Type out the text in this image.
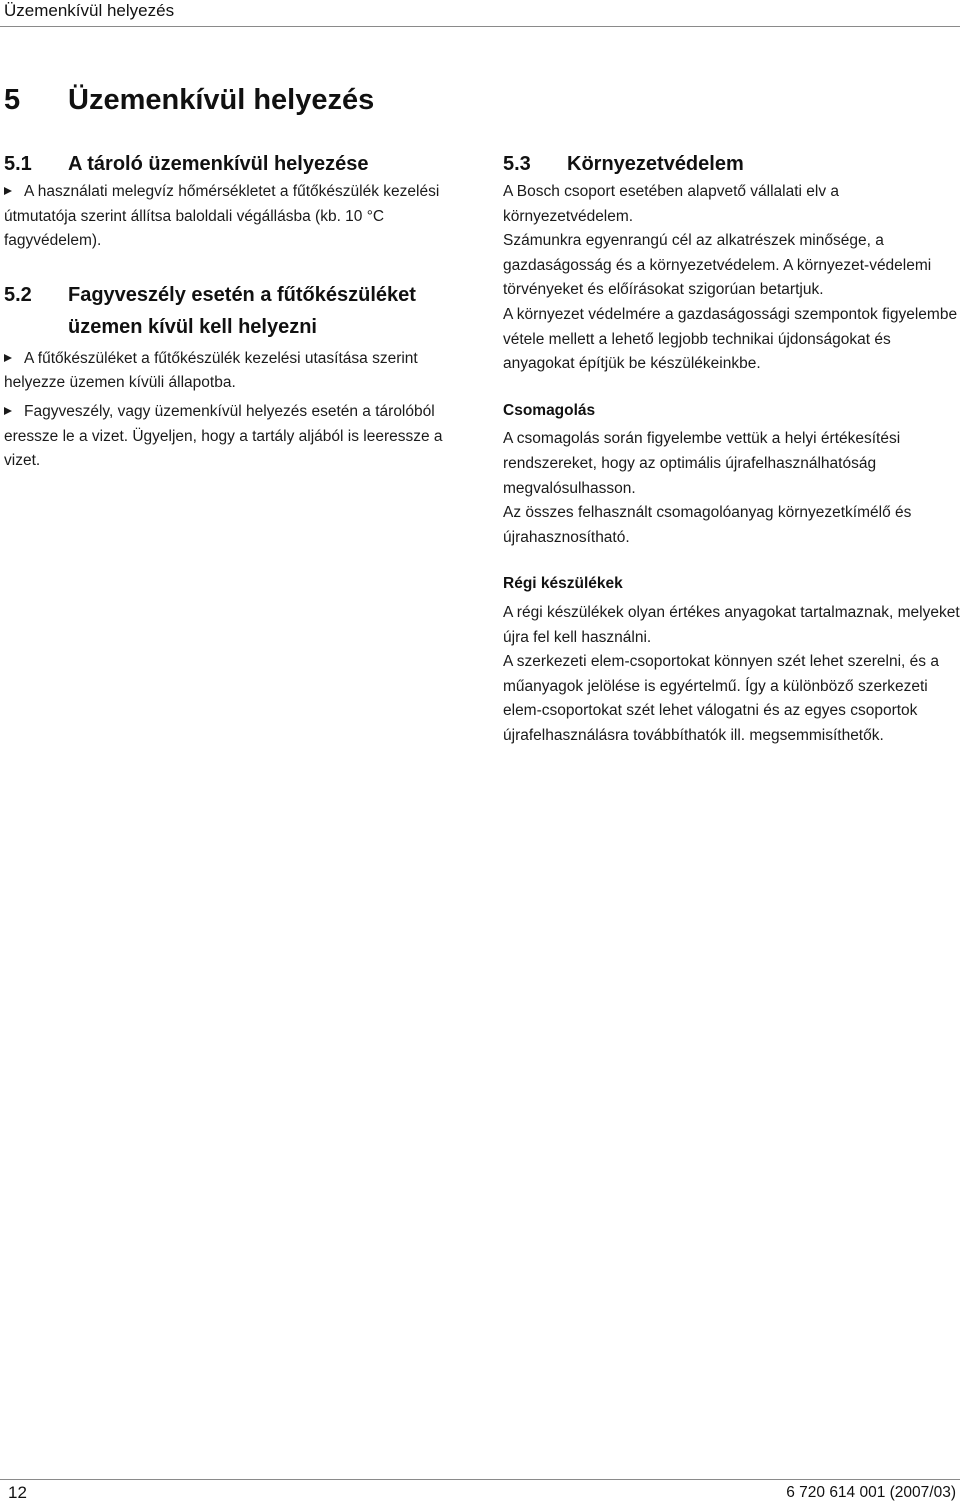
Üzemenkívül helyezés
5 Üzemenkívül helyezés
5.1 A tároló üzemenkívül helyezése

A használati melegvíz hőmérsékletet a fűtőkészülék kezelési útmutatója szerint állítsa baloldali végállásba (kb. 10 °C fagyvédelem).

5.2 Fagyveszély esetén a fűtőkészüléket
üzemen kívül kell helyezni

A fűtőkészüléket a fűtőkészülék kezelési utasítása szerint helyezze üzemen kívüli állapotba.

Fagyveszély, vagy üzemenkívül helyezés esetén a tárolóból eressze le a vizet. Ügyeljen, hogy a tartály aljából is leeressze a vizet.

5.3 Környezetvédelem

A Bosch csoport esetében alapvető vállalati elv a környezetvédelem.

Számunkra egyenrangú cél az alkatrészek minősége, a gazdaságosság és a környezetvédelem. A környezet-védelemi törvényeket és előírásokat szigorúan betartjuk.

A környezet védelmére a gazdaságossági szempontok figyelembe vétele mellett a lehető legjobb technikai újdonságokat és anyagokat építjük be készülékeinkbe.

Csomagolás

A csomagolás során figyelembe vettük a helyi értékesítési rendszereket, hogy az optimális újrafelhasználhatóság megvalósulhasson.

Az összes felhasznált csomagolóanyag környezetkímélő és újrahasznosítható.

Régi készülékek

A régi készülékek olyan értékes anyagokat tartalmaznak, melyeket újra fel kell használni.

A szerkezeti elem-csoportokat könnyen szét lehet szerelni, és a műanyagok jelölése is egyértelmű. Így a különböző szerkezeti elem-csoportokat szét lehet válogatni és az egyes csoportok újrafelhasználásra továbbíthatók ill. megsemmisíthetők.

12	6 720 614 001 (2007/03)
